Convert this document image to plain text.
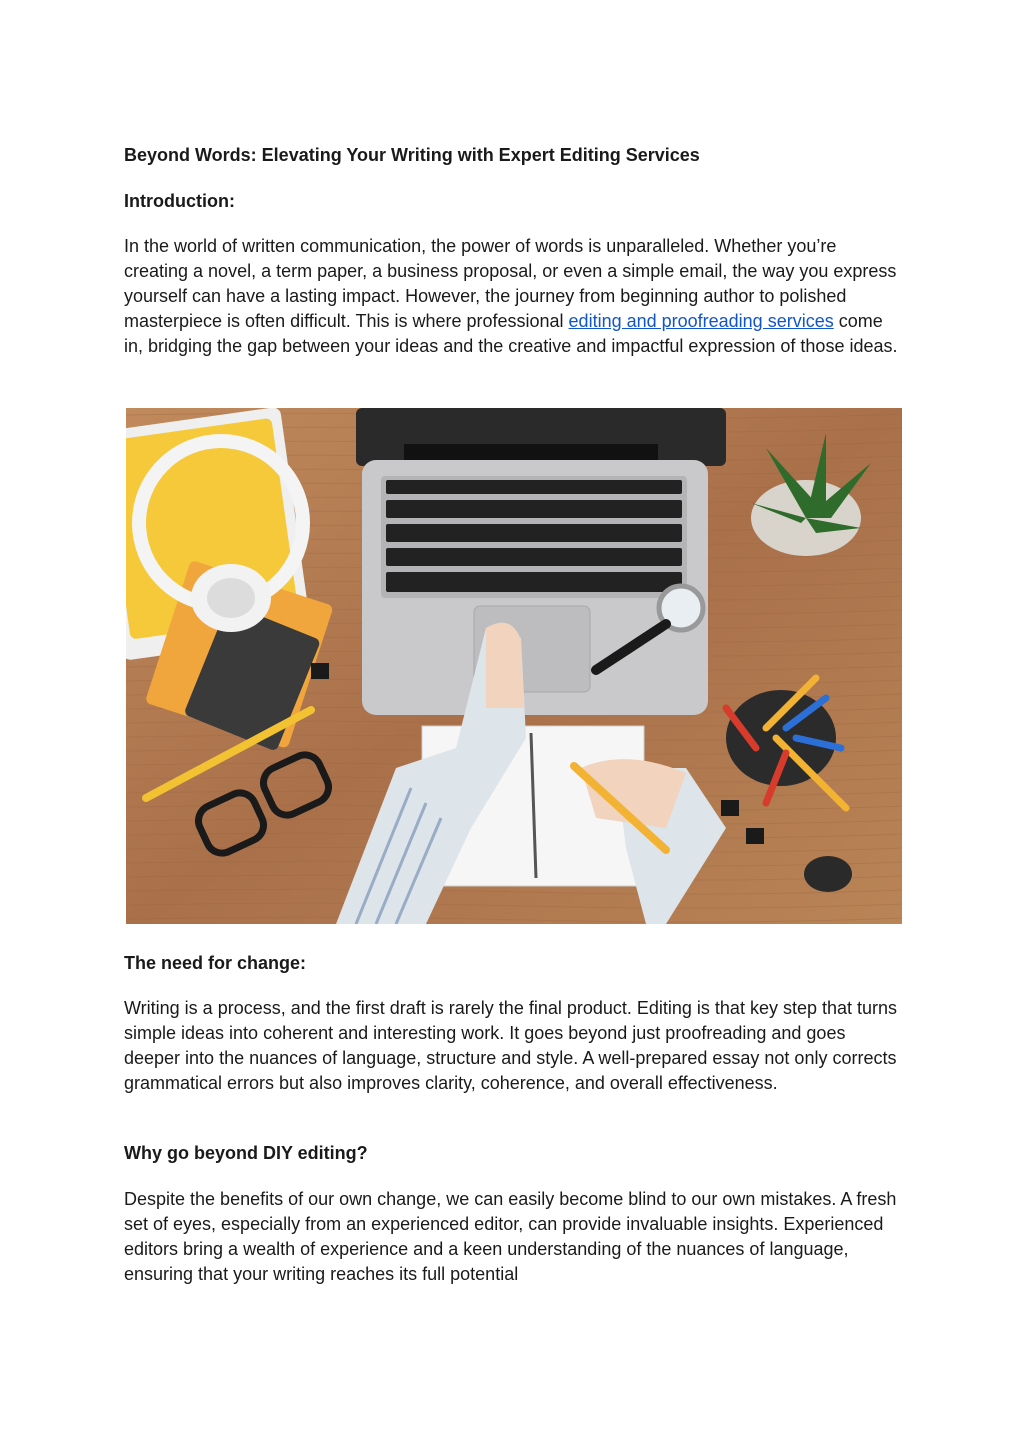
Beyond Words: Elevating Your Writing with Expert Editing Services
Introduction:

In the world of written communication, the power of words is unparalleled. Whether you’re creating a novel, a term paper, a business proposal, or even a simple email, the way you express yourself can have a lasting impact. However, the journey from beginning author to polished masterpiece is often difficult. This is where professional editing and proofreading services come in, bridging the gap between your ideas and the creative and impactful expression of those ideas.

The need for change:

Writing is a process, and the first draft is rarely the final product. Editing is that key step that turns simple ideas into coherent and interesting work. It goes beyond just proofreading and goes deeper into the nuances of language, structure and style. A well-prepared essay not only corrects grammatical errors but also improves clarity, coherence, and overall effectiveness.

Why go beyond DIY editing?

Despite the benefits of our own change, we can easily become blind to our own mistakes. A fresh set of eyes, especially from an experienced editor, can provide invaluable insights. Experienced editors bring a wealth of experience and a keen understanding of the nuances of language, ensuring that your writing reaches its full potential
